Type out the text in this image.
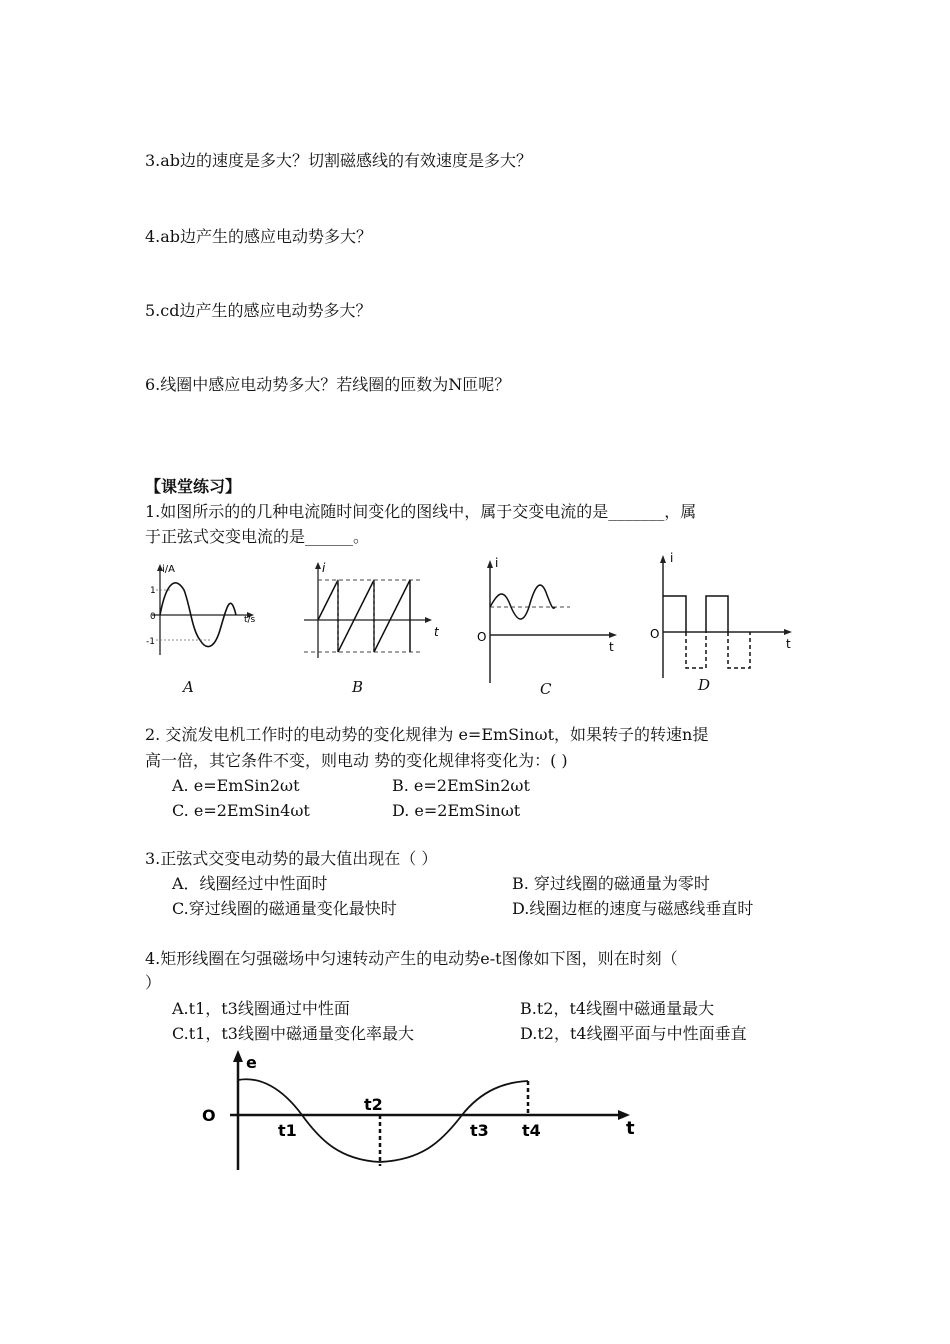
3.ab边的速度是多大？切割磁感线的有效速度是多大？
4.ab边产生的感应电动势多大？
5.cd边产生的感应电动势多大？
6.线圈中感应电动势多大？若线圈的匝数为N匝呢？
【课堂练习】
1.如图所示的的几种电流随时间变化的图线中，属于交变电流的是_______，属
于正弦式交变电流的是______。
i/A
t/s
1
0
-1
A
i
t
B
i
t
O
C
i
t
O
D
2. 交流发电机工作时的电动势的变化规律为 e=EmSinωt，如果转子的转速n提
高一倍，其它条件不变，则电动 势的变化规律将变化为：( )
A. e=EmSin2ωt	B. e=2EmSin2ωt
C. e=2EmSin4ωt	D. e=2EmSinωt
3.正弦式交变电动势的最大值出现在（ ）
A．线圈经过中性面时	B. 穿过线圈的磁通量为零时
C.穿过线圈的磁通量变化最快时	D.线圈边框的速度与磁感线垂直时
4.矩形线圈在匀强磁场中匀速转动产生的电动势e-t图像如下图，则在时刻（
）
A.t1，t3线圈通过中性面	B.t2，t4线圈中磁通量最大
C.t1，t3线圈中磁通量变化率最大	D.t2，t4线圈平面与中性面垂直
e
t
O
t1
t2
t3 t4
